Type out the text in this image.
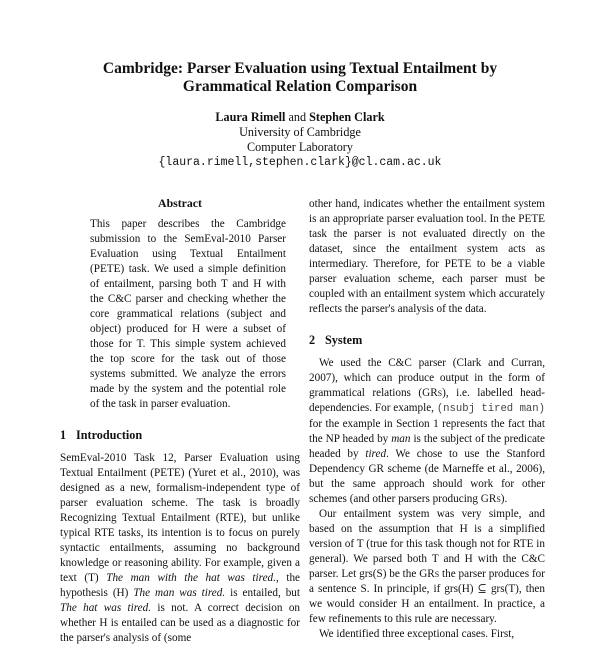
Cambridge: Parser Evaluation using Textual Entailment by
Grammatical Relation Comparison
Laura Rimell and Stephen Clark
University of Cambridge
Computer Laboratory
{laura.rimell,stephen.clark}@cl.cam.ac.uk
Abstract

This paper describes the Cambridge submission to the SemEval-2010 Parser Evaluation using Textual Entailment (PETE) task. We used a simple definition of entailment, parsing both T and H with the C&C parser and checking whether the core grammatical relations (subject and object) produced for H were a subset of those for T. This simple system achieved the top score for the task out of those systems submitted. We analyze the errors made by the system and the potential role of the task in parser evaluation.

1 Introduction

SemEval-2010 Task 12, Parser Evaluation using Textual Entailment (PETE) (Yuret et al., 2010), was designed as a new, formalism-independent type of parser evaluation scheme. The task is broadly Recognizing Textual Entailment (RTE), but unlike typical RTE tasks, its intention is to focus on purely syntactic entailments, assuming no background knowledge or reasoning ability. For example, given a text (T) The man with the hat was tired., the hypothesis (H) The man was tired. is entailed, but The hat was tired. is not. A correct decision on whether H is entailed can be used as a diagnostic for the parser's analysis of (some

other hand, indicates whether the entailment system is an appropriate parser evaluation tool. In the PETE task the parser is not evaluated directly on the dataset, since the entailment system acts as intermediary. Therefore, for PETE to be a viable parser evaluation scheme, each parser must be coupled with an entailment system which accurately reflects the parser's analysis of the data.

2 System

We used the C&C parser (Clark and Curran, 2007), which can produce output in the form of grammatical relations (GRs), i.e. labelled head-dependencies. For example, (nsubj tired man) for the example in Section 1 represents the fact that the NP headed by man is the subject of the predicate headed by tired. We chose to use the Stanford Dependency GR scheme (de Marneffe et al., 2006), but the same approach should work for other schemes (and other parsers producing GRs).

Our entailment system was very simple, and based on the assumption that H is a simplified version of T (true for this task though not for RTE in general). We parsed both T and H with the C&C parser. Let grs(S) be the GRs the parser produces for a sentence S. In principle, if grs(H) ⊆ grs(T), then we would consider H an entailment. In practice, a few refinements to this rule are necessary.

We identified three exceptional cases. First,
